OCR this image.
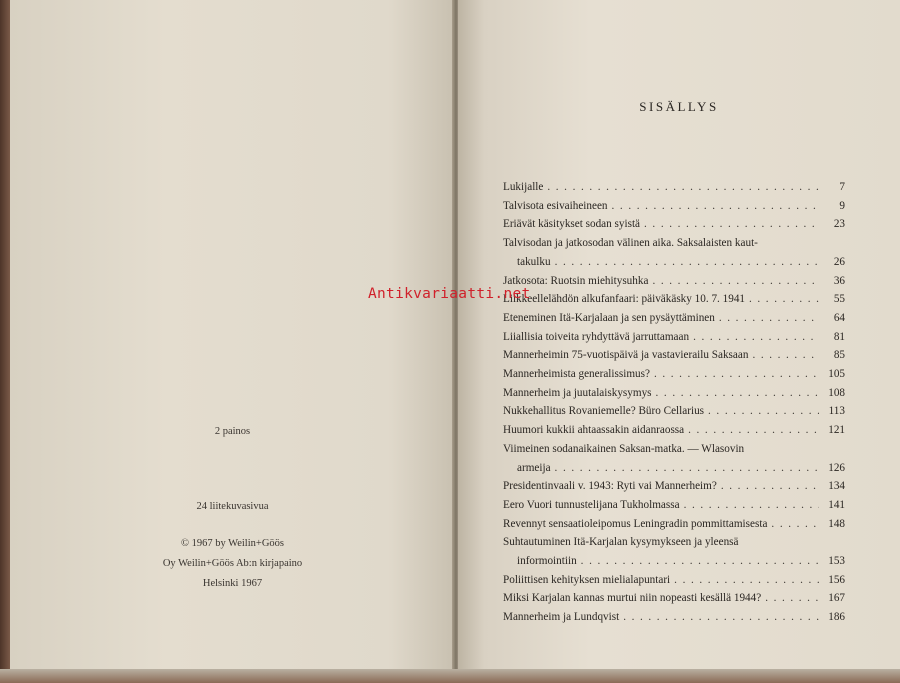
2 painos
24 liitekuvasivua
© 1967 by Weilin+Göös
Oy Weilin+Göös Ab:n kirjapaino
Helsinki 1967
SISÄLLYS
Lukijalle . . .	7
Talvisota esivaiheineen . . .	9
Eriävät käsitykset sodan syistä . . .	23
Talvisodan ja jatkosodan välinen aika. Saksalaisten kaut-
takulku . . .	26
Jatkosota: Ruotsin miehitysuhka . . .	36
Liikkeellelähdön alkufanfaari: päiväkäsky 10. 7. 1941 . . .	55
Eteneminen Itä-Karjalaan ja sen pysäyttäminen . . .	64
Liiallisia toiveita ryhdyttävä jarruttamaan . . .	81
Mannerheimin 75-vuotispäivä ja vastavierailu Saksaan . . .	85
Mannerheimista generalissimus? . . .	105
Mannerheim ja juutalaiskysymys . . .	108
Nukkehallitus Rovaniemelle? Büro Cellarius . . .	113
Huumori kukkii ahtaassakin aidanraossa . . .	121
Viimeinen sodanaikainen Saksan-matka. — Wlasovin
armeija . . .	126
Presidentinvaali v. 1943: Ryti vai Mannerheim? . . .	134
Eero Vuori tunnustelijana Tukholmassa . . .	141
Revennyt sensaatioleipomus Leningradin pommittamisesta . . .	148
Suhtautuminen Itä-Karjalan kysymykseen ja yleensä
informointiin . . .	153
Poliittisen kehityksen mielialapuntari . . .	156
Miksi Karjalan kannas murtui niin nopeasti kesällä 1944? . . .	167
Mannerheim ja Lundqvist . . .	186
Antikvariaatti.net
